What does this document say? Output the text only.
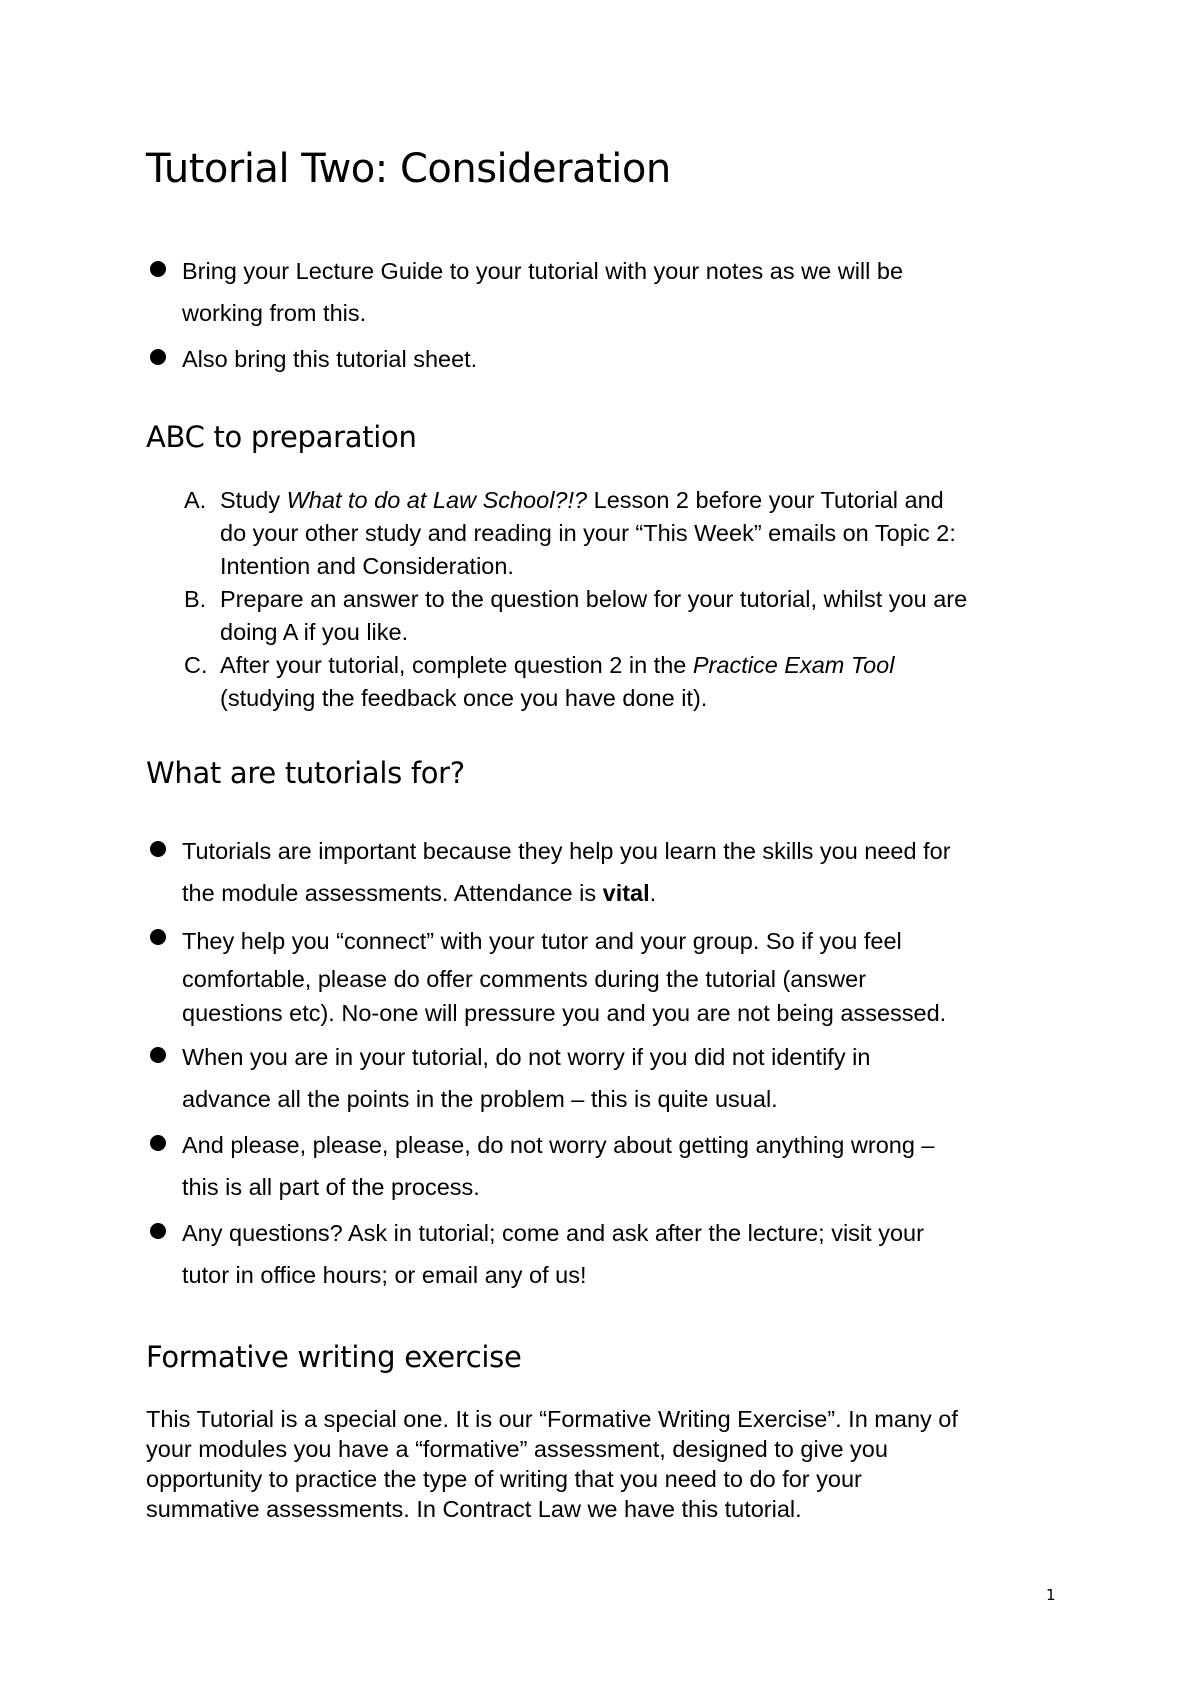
Tutorial Two: Consideration
Bring your Lecture Guide to your tutorial with your notes as we will be
working from this.
Also bring this tutorial sheet.
ABC to preparation
A. Study What to do at Law School?!? Lesson 2 before your Tutorial and
do your other study and reading in your “This Week” emails on Topic 2:
Intention and Consideration.
B. Prepare an answer to the question below for your tutorial, whilst you are
doing A if you like.
C. After your tutorial, complete question 2 in the Practice Exam Tool
(studying the feedback once you have done it).
What are tutorials for?
Tutorials are important because they help you learn the skills you need for
the module assessments. Attendance is vital.
They help you “connect” with your tutor and your group. So if you feel
comfortable, please do offer comments during the tutorial (answer
questions etc). No-one will pressure you and you are not being assessed.
When you are in your tutorial, do not worry if you did not identify in
advance all the points in the problem – this is quite usual.
And please, please, please, do not worry about getting anything wrong –
this is all part of the process.
Any questions? Ask in tutorial; come and ask after the lecture; visit your
tutor in office hours; or email any of us!
Formative writing exercise

This Tutorial is a special one. It is our “Formative Writing Exercise”. In many of
your modules you have a “formative” assessment, designed to give you
opportunity to practice the type of writing that you need to do for your
summative assessments. In Contract Law we have this tutorial.

1
